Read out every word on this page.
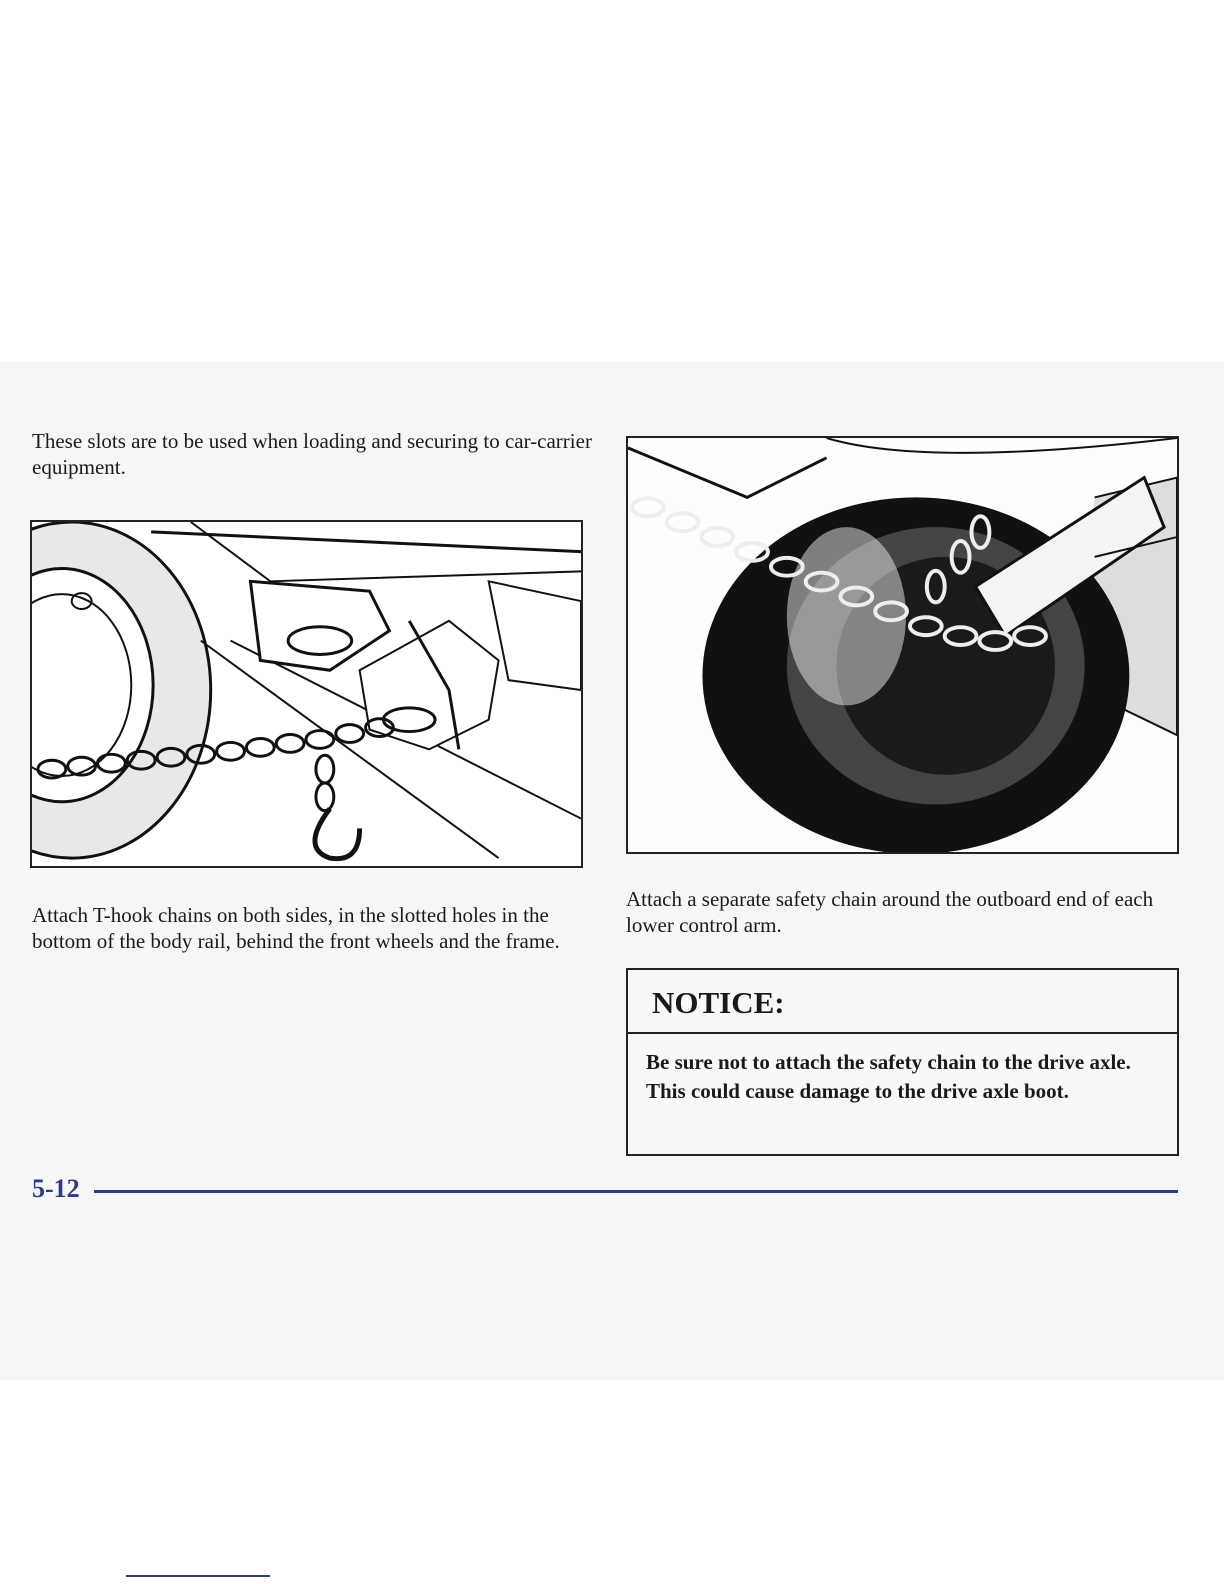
These slots are to be used when loading and securing to car-carrier equipment.

Attach T-hook chains on both sides, in the slotted holes in the bottom of the body rail, behind the front wheels and the frame.

Attach a separate safety chain around the outboard end of each lower control arm.

NOTICE:
Be sure not to attach the safety chain to the drive axle. This could cause damage to the drive axle boot.
5-12
